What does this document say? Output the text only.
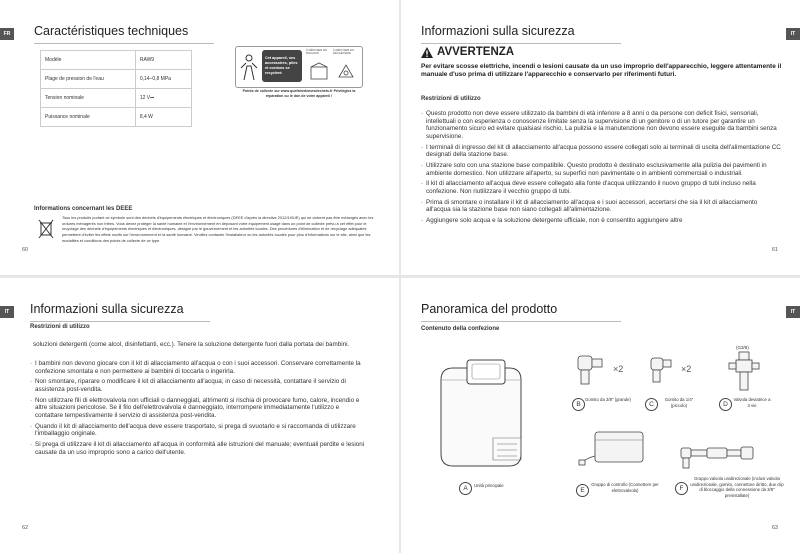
FR Caractéristiques techniques
Modèle	RAW9
Plage de pression de l'eau	0,14–0,8 MPa
Tension nominale	12 V⎓
Puissance nominale	8,4 W
Cet appareil, ses accessoires, piles et cordons se recyclent
À DÉPOSER EN MAGASIN
À DÉPOSER EN DÉCHÈTERIE
Points de collecte sur www.quefairedemesdechets.fr Privilégiez la réparation ou le don de votre appareil !
Informations concernant les DEEE
Tous les produits portant ce symbole sont des déchets d'équipements électriques et électroniques (DEEE d'après la directive 2012/19/UE) qui ne doivent pas être mélangés avec les ordures ménagères non triées. Vous devez protéger la santé humaine et l'environnement en déposant votre équipement usagé dans un point de collecte prévu à cet effet pour le recyclage des déchets d'équipements électriques et électroniques, désigné par le gouvernement et les autorités locales. Des procédures d'élimination et de recyclage adéquates permettent d'éviter les effets nocifs sur l'environnement et la santé humaine. Veuillez contacter l'installateur ou les autorités locales pour plus d'informations sur le site, ainsi que les modalités et conditions des points de collecte de ce type.
60
IT
Informazioni sulla sicurezza
AVVERTENZA
Per evitare scosse elettriche, incendi o lesioni causate da un uso improprio dell'apparecchio, leggere attentamente il manuale d'uso prima di utilizzare l'apparecchio e conservarlo per riferimenti futuri.
Restrizioni di utilizzo
· Questo prodotto non deve essere utilizzato da bambini di età inferiore a 8 anni o da persone con deficit fisici, sensoriali, intellettuali o con esperienza o conoscenze limitate senza la supervisione di un genitore o di un tutore per garantire un funzionamento sicuro ed evitare qualsiasi rischio. La pulizia e la manutenzione non devono essere eseguite da bambini senza supervisione.
· I terminali di ingresso del kit di allacciamento all'acqua possono essere collegati solo ai terminali di uscita dell'alimentazione CC designati della stazione base.
· Utilizzare solo con una stazione base compatibile. Questo prodotto è destinato esclusivamente alla pulizia dei pavimenti in ambiente domestico. Non utilizzare all'aperto, su superfici non pavimentate o in ambienti commerciali o industriali.
· Il kit di allacciamento all'acqua deve essere collegato alla fonte d'acqua utilizzando il nuovo gruppo di tubi incluso nella confezione. Non riutilizzare il vecchio gruppo di tubi.
· Prima di smontare o installare il kit di allacciamento all'acqua e i suoi accessori, accertarsi che sia il kit di allacciamento all'acqua sia la stazione base non siano collegati all'alimentazione.
· Aggiungere solo acqua e la soluzione detergente ufficiale, non è consentito aggiungere altre
61
IT	Informazioni sulla sicurezza
Restrizioni di utilizzo
soluzioni detergenti (come alcol, disinfettanti, ecc.). Tenere la soluzione detergente fuori dalla portata dei bambini.
· I bambini non devono giocare con il kit di allacciamento all'acqua o con i suoi accessori. Conservare correttamente la confezione smontata e non permettere ai bambini di toccarla o ingerirla.
· Non smontare, riparare o modificare il kit di allacciamento all'acqua; in caso di necessità, contattare il servizio di assistenza post-vendita.
· Non utilizzare fili di elettrovalvola non ufficiali o danneggiati, altrimenti si rischia di provocare fumo, calore, incendio e altre situazioni pericolose. Se il filo dell'elettrovalvola è danneggiato, interrompere immediatamente l'utilizzo e contattare tempestivamente il servizio di assistenza post-vendita.
· Quando il kit di allacciamento dell'acqua deve essere trasportato, si prega di svuotarlo e si raccomanda di utilizzare l'imballaggio originale.
· Si prega di utilizzare il kit di allacciamento all'acqua in conformità alle istruzioni del manuale; eventuali perdite e lesioni causate da un uso improprio sono a carico dell'utente.
62
IT
Panoramica del prodotto
Contenuto della confezione
A	Unità principale
×2
B
Gomito da 3/8" (grande)
×2
C
Gomito da 1/4" (piccolo)
(G3/8)
D
Valvola deviatrice a 3 vie
E
Gruppo di controllo (Connettore per elettrovalvola)	F
Gruppo valvola unidirezionale (inclusi valvola unidirezionale, gomito, connettore diritto, due clip di bloccaggio della connessione da 3/8" preinstallate)
63
